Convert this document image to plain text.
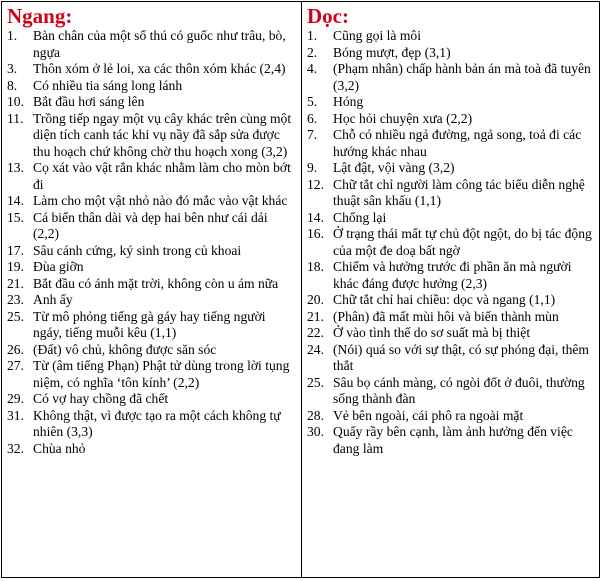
Ngang:
1.	Bàn chân của một số thú có guốc như trâu, bò, ngựa
3.	Thôn xóm ở lẻ loi, xa các thôn xóm khác (2,4)
8.	Có nhiều tia sáng long lánh
10. Bắt đầu hơi sáng lên
11. Trồng tiếp ngay một vụ cây khác trên cùng một diện tích canh tác khi vụ nầy đã sắp sửa được thu hoạch chứ không chờ thu hoạch xong (3,2)
13. Cọ xát vào vật rắn khác nhằm làm cho mòn bớt đi
14. Làm cho một vật nhỏ nào đó mắc vào vật khác
15. Cá biển thân dài và dẹp hai bên như cái dải (2,2)
17. Sâu cánh cứng, ký sinh trong củ khoai
19. Đùa giỡn
21. Bắt đầu có ánh mặt trời, không còn u ám nữa
23. Anh ấy
25. Từ mô phỏng tiếng gà gáy hay tiếng người ngáy, tiếng muỗi kêu (1,1)
26. (Đất) vô chủ, không được săn sóc
27. Từ (âm tiếng Phạn) Phật tử dùng trong lời tụng niệm, có nghĩa ‘tôn kính’ (2,2)
29. Có vợ hay chồng đã chết
31. Không thật, vì được tạo ra một cách không tự nhiên (3,3)
32. Chùa nhỏ
Dọc:
1.	Cũng gọi là môi
2.	Bóng mượt, đẹp (3,1)
4.	(Phạm nhân) chấp hành bản án mà toà đã tuyên (3,2)
5.	Hóng
6.	Học hỏi chuyện xưa (2,2)
7.	Chỗ có nhiều ngả đường, ngả song, toả đi các hướng khác nhau
9.	Lật đật, vội vàng (3,2)
12. Chữ tắt chỉ người làm công tác biểu diễn nghệ thuật sân khấu (1,1)
14. Chống lại
16. Ở trạng thái mất tự chủ đột ngột, do bị tác động của một đe doạ bất ngờ
18. Chiếm và hưởng trước đi phần ăn mà người khác đáng được hưởng (2,3)
20. Chữ tắt chỉ hai chiều: dọc và ngang (1,1)
21. (Phân) đã mất mùi hôi và biến thành mùn
22. Ở vào tình thế do sơ suất mà bị thiệt
24. (Nói) quá so với sự thật, có sự phóng đại, thêm thắt
25. Sâu bọ cánh màng, có ngòi đốt ở đuôi, thường sống thành đàn
28. Vẻ bên ngoài, cái phô ra ngoài mặt
30. Quấy rầy bên cạnh, làm ảnh hưởng đến việc đang làm
